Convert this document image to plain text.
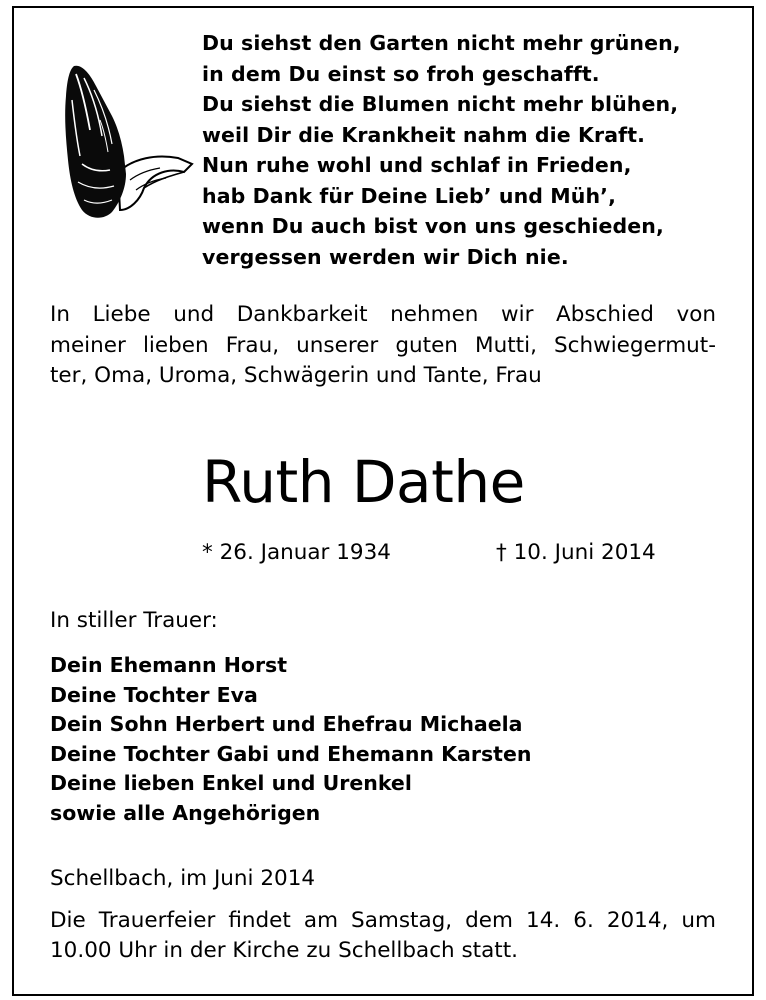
Du siehst den Garten nicht mehr grünen,
in dem Du einst so froh geschafft.
Du siehst die Blumen nicht mehr blühen,
weil Dir die Krankheit nahm die Kraft.
Nun ruhe wohl und schlaf in Frieden,
hab Dank für Deine Lieb’ und Müh’,
wenn Du auch bist von uns geschieden,
vergessen werden wir Dich nie.
In Liebe und Dankbarkeit nehmen wir Abschied von
meiner lieben Frau, unserer guten Mutti, Schwiegermut-
ter, Oma, Uroma, Schwägerin und Tante, Frau
Ruth Dathe
* 26. Januar 1934	† 10. Juni 2014
In stiller Trauer:
Dein Ehemann Horst
Deine Tochter Eva
Dein Sohn Herbert und Ehefrau Michaela
Deine Tochter Gabi und Ehemann Karsten
Deine lieben Enkel und Urenkel
sowie alle Angehörigen
Schellbach, im Juni 2014
Die Trauerfeier findet am Samstag, dem 14. 6. 2014, um
10.00 Uhr in der Kirche zu Schellbach statt.
